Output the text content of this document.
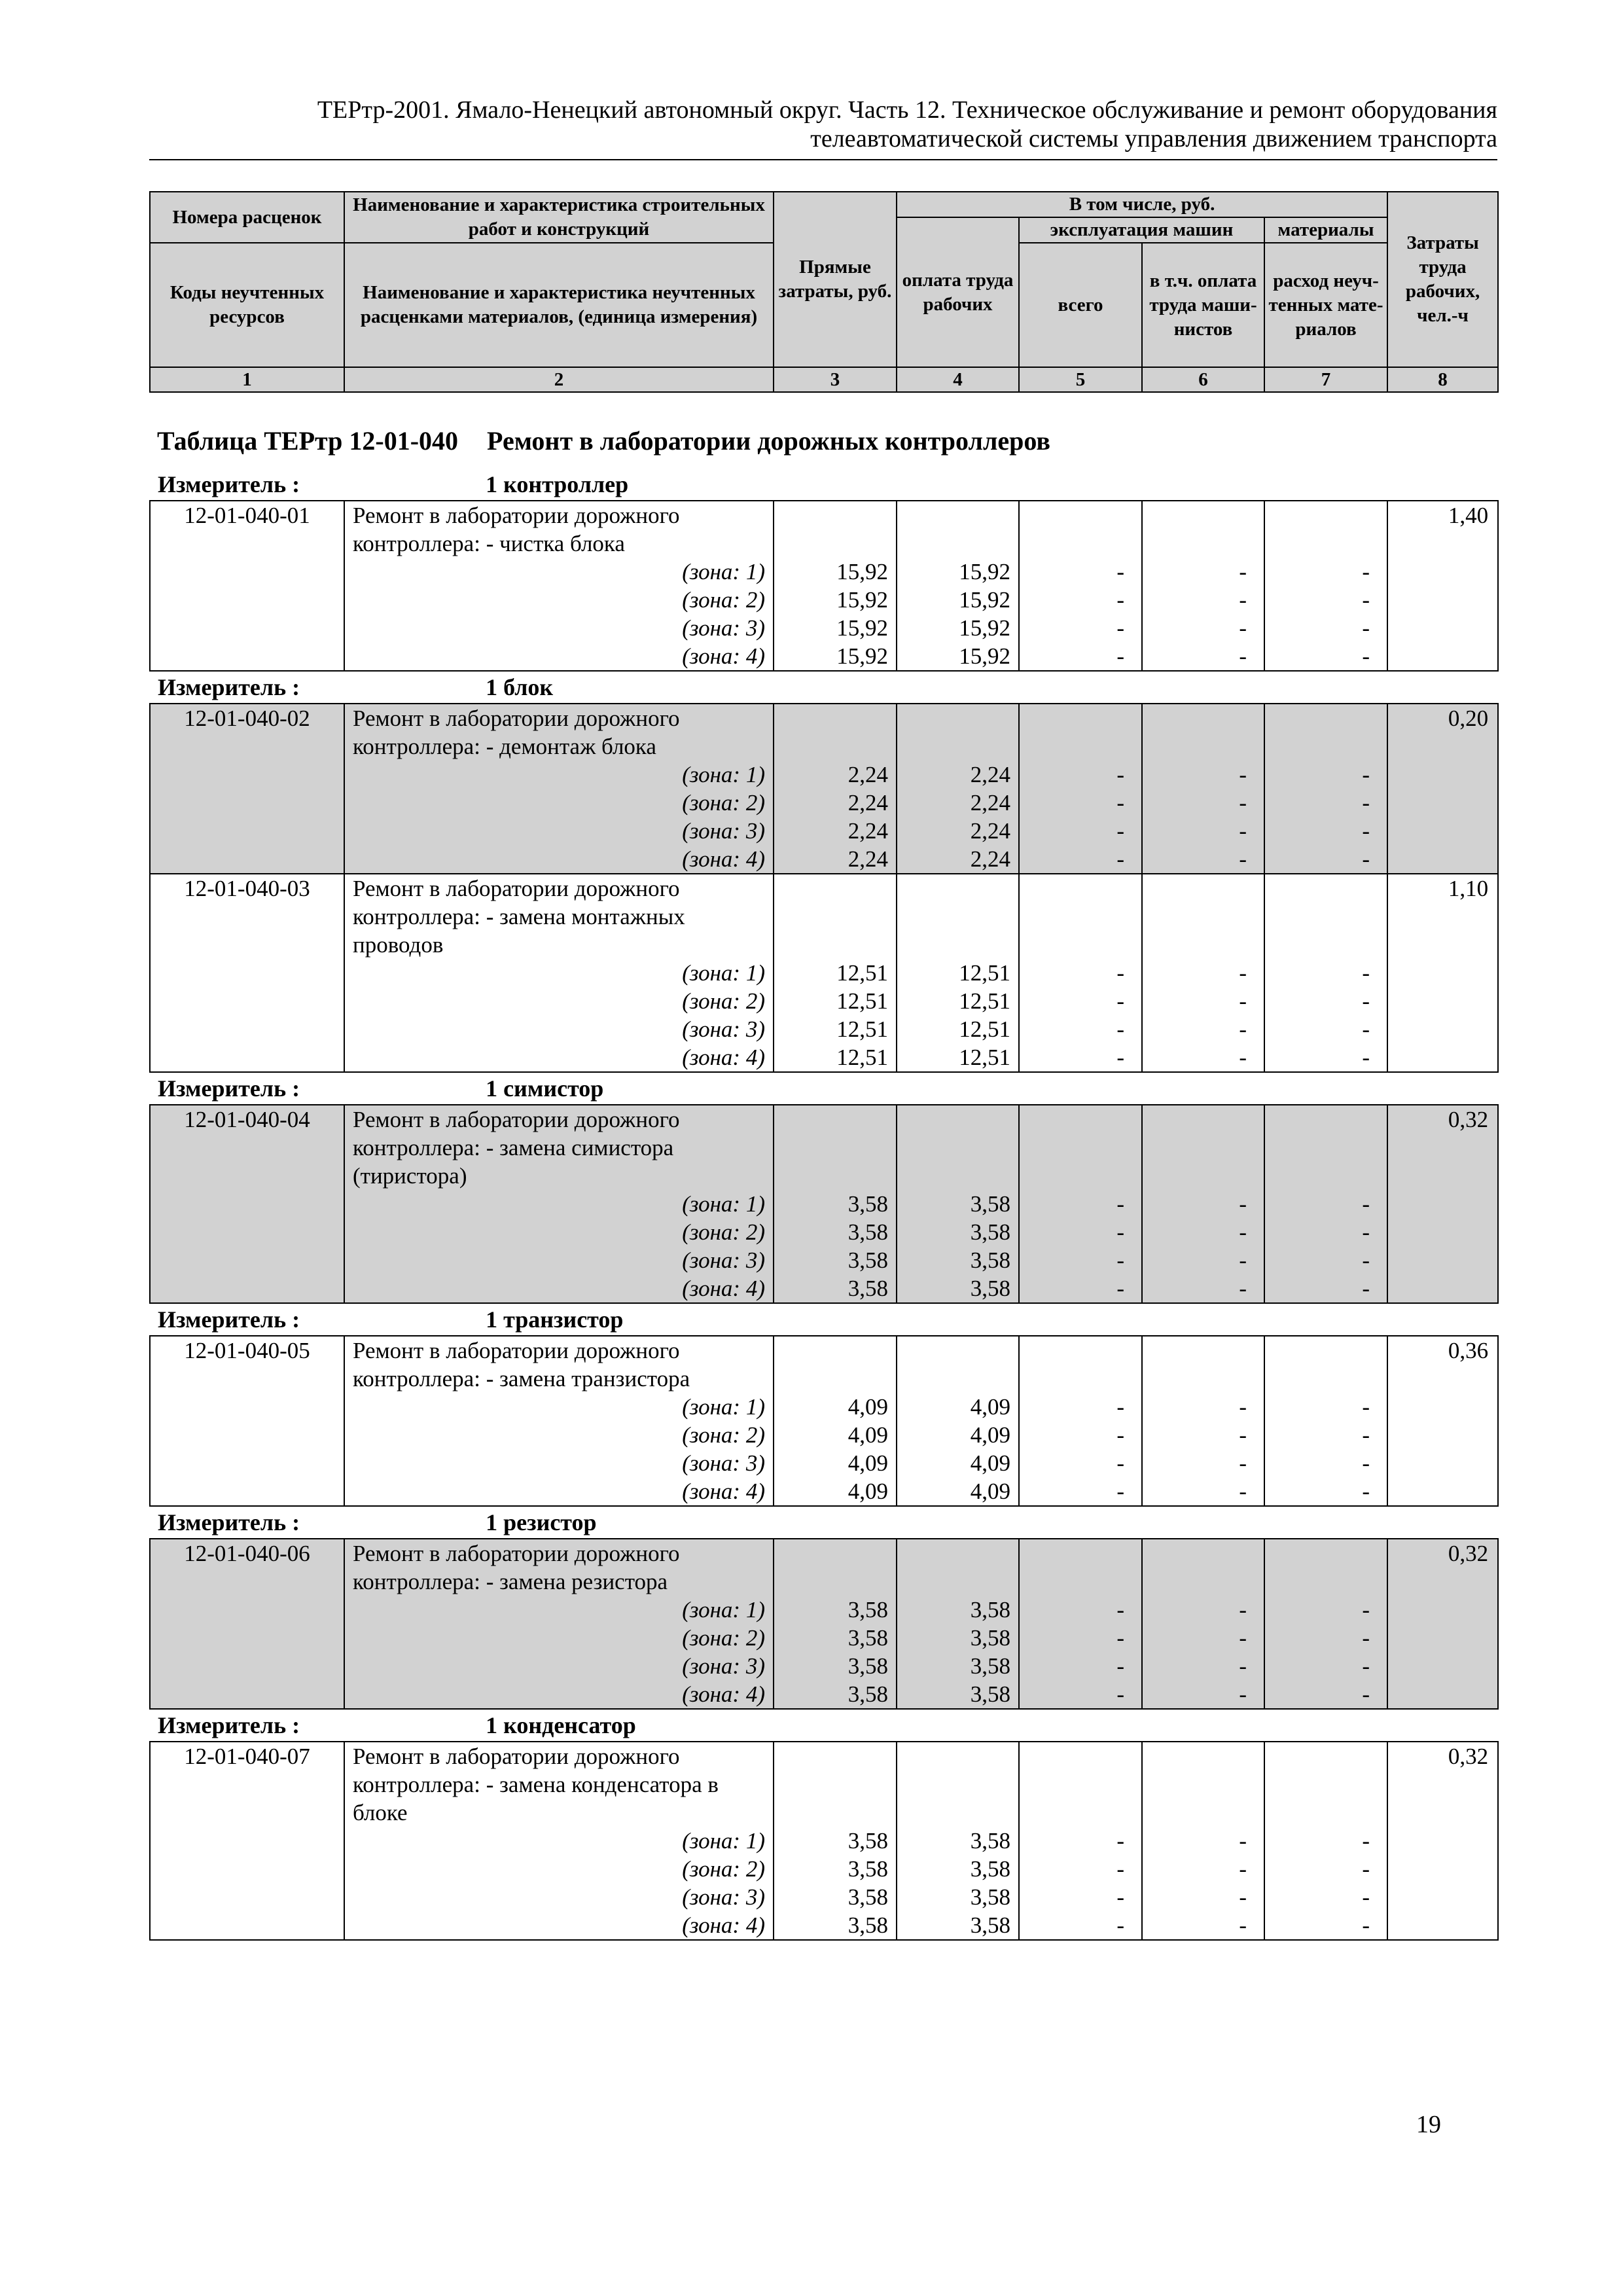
ТЕРтр-2001. Ямало-Ненецкий автономный округ. Часть 12. Техническое обслуживание и ремонт оборудования
телеавтоматической системы управления движением транспорта
Номера расценок	Наименование и характеристика строительных работ и конструкций	Прямые затраты, руб.	В том числе, руб.				Затраты труда рабочих, чел.-ч
			оплата труда рабочих	эксплуатация машин		материалы	
Коды неучтенных ресурсов	Наименование и характеристика неучтенных расценками материалов, (единица измерения)			всего	в т.ч. оплата труда маши- нистов	расход неуч- тенных мате- риалов	
1	2	3	4	5	6	7	8
Таблица ТЕРтр 12-01-040 Ремонт в лаборатории дорожных контроллеров
Измеритель : 1 контроллер							
12-01-040-01	Ремонт в лаборатории дорожного						1,40
	контроллера: - чистка блока						
	(зона: 1)	15,92	15,92	-	-	-	
	(зона: 2)	15,92	15,92	-	-	-	
	(зона: 3)	15,92	15,92	-	-	-	
	(зона: 4)	15,92	15,92	-	-	-	
Измеритель : 1 блок							
12-01-040-02	Ремонт в лаборатории дорожного						0,20
	контроллера: - демонтаж блока						
	(зона: 1)	2,24	2,24	-	-	-	
	(зона: 2)	2,24	2,24	-	-	-	
	(зона: 3)	2,24	2,24	-	-	-	
	(зона: 4)	2,24	2,24	-	-	-	
12-01-040-03	Ремонт в лаборатории дорожного						1,10
	контроллера: - замена монтажных						
	проводов						
	(зона: 1)	12,51	12,51	-	-	-	
	(зона: 2)	12,51	12,51	-	-	-	
	(зона: 3)	12,51	12,51	-	-	-	
	(зона: 4)	12,51	12,51	-	-	-	
Измеритель : 1 симистор							
12-01-040-04	Ремонт в лаборатории дорожного						0,32
	контроллера: - замена симистора						
	(тиристора)						
	(зона: 1)	3,58	3,58	-	-	-	
	(зона: 2)	3,58	3,58	-	-	-	
	(зона: 3)	3,58	3,58	-	-	-	
	(зона: 4)	3,58	3,58	-	-	-	
Измеритель : 1 транзистор							
12-01-040-05	Ремонт в лаборатории дорожного						0,36
	контроллера: - замена транзистора						
	(зона: 1)	4,09	4,09	-	-	-	
	(зона: 2)	4,09	4,09	-	-	-	
	(зона: 3)	4,09	4,09	-	-	-	
	(зона: 4)	4,09	4,09	-	-	-	
Измеритель : 1 резистор							
12-01-040-06	Ремонт в лаборатории дорожного						0,32
	контроллера: - замена резистора						
	(зона: 1)	3,58	3,58	-	-	-	
	(зона: 2)	3,58	3,58	-	-	-	
	(зона: 3)	3,58	3,58	-	-	-	
	(зона: 4)	3,58	3,58	-	-	-	
Измеритель : 1 конденсатор							
12-01-040-07	Ремонт в лаборатории дорожного						0,32
	контроллера: - замена конденсатора в						
	блоке						
	(зона: 1)	3,58	3,58	-	-	-	
	(зона: 2)	3,58	3,58	-	-	-	
	(зона: 3)	3,58	3,58	-	-	-	
	(зона: 4)	3,58	3,58	-	-	-	
19
